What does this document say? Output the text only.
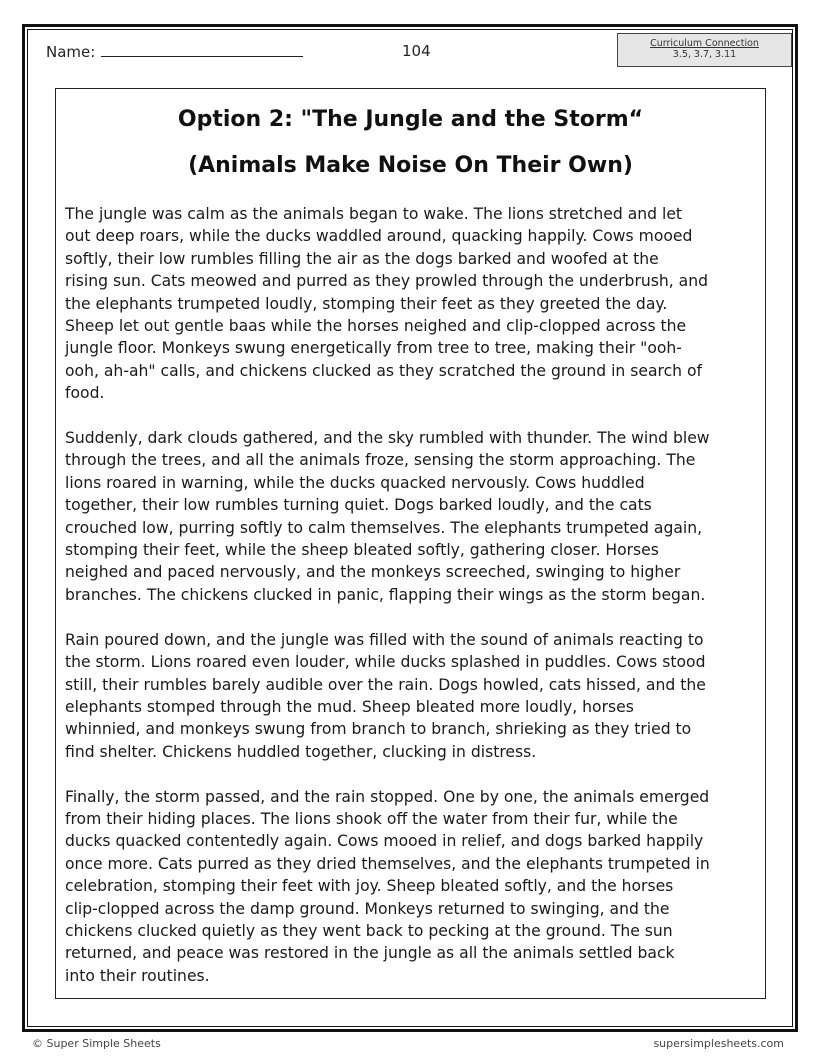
Name:	104	Curriculum Connection
3.5, 3.7, 3.11
Option 2: "The Jungle and the Storm“
(Animals Make Noise On Their Own)

The jungle was calm as the animals began to wake. The lions stretched and let
out deep roars, while the ducks waddled around, quacking happily. Cows mooed
softly, their low rumbles filling the air as the dogs barked and woofed at the
rising sun. Cats meowed and purred as they prowled through the underbrush, and
the elephants trumpeted loudly, stomping their feet as they greeted the day.
Sheep let out gentle baas while the horses neighed and clip-clopped across the
jungle floor. Monkeys swung energetically from tree to tree, making their "ooh-
ooh, ah-ah" calls, and chickens clucked as they scratched the ground in search of
food.

Suddenly, dark clouds gathered, and the sky rumbled with thunder. The wind blew
through the trees, and all the animals froze, sensing the storm approaching. The
lions roared in warning, while the ducks quacked nervously. Cows huddled
together, their low rumbles turning quiet. Dogs barked loudly, and the cats
crouched low, purring softly to calm themselves. The elephants trumpeted again,
stomping their feet, while the sheep bleated softly, gathering closer. Horses
neighed and paced nervously, and the monkeys screeched, swinging to higher
branches. The chickens clucked in panic, flapping their wings as the storm began.

Rain poured down, and the jungle was filled with the sound of animals reacting to
the storm. Lions roared even louder, while ducks splashed in puddles. Cows stood
still, their rumbles barely audible over the rain. Dogs howled, cats hissed, and the
elephants stomped through the mud. Sheep bleated more loudly, horses
whinnied, and monkeys swung from branch to branch, shrieking as they tried to
find shelter. Chickens huddled together, clucking in distress.

Finally, the storm passed, and the rain stopped. One by one, the animals emerged
from their hiding places. The lions shook off the water from their fur, while the
ducks quacked contentedly again. Cows mooed in relief, and dogs barked happily
once more. Cats purred as they dried themselves, and the elephants trumpeted in
celebration, stomping their feet with joy. Sheep bleated softly, and the horses
clip-clopped across the damp ground. Monkeys returned to swinging, and the
chickens clucked quietly as they went back to pecking at the ground. The sun
returned, and peace was restored in the jungle as all the animals settled back
into their routines.

© Super Simple Sheets	supersimplesheets.com
